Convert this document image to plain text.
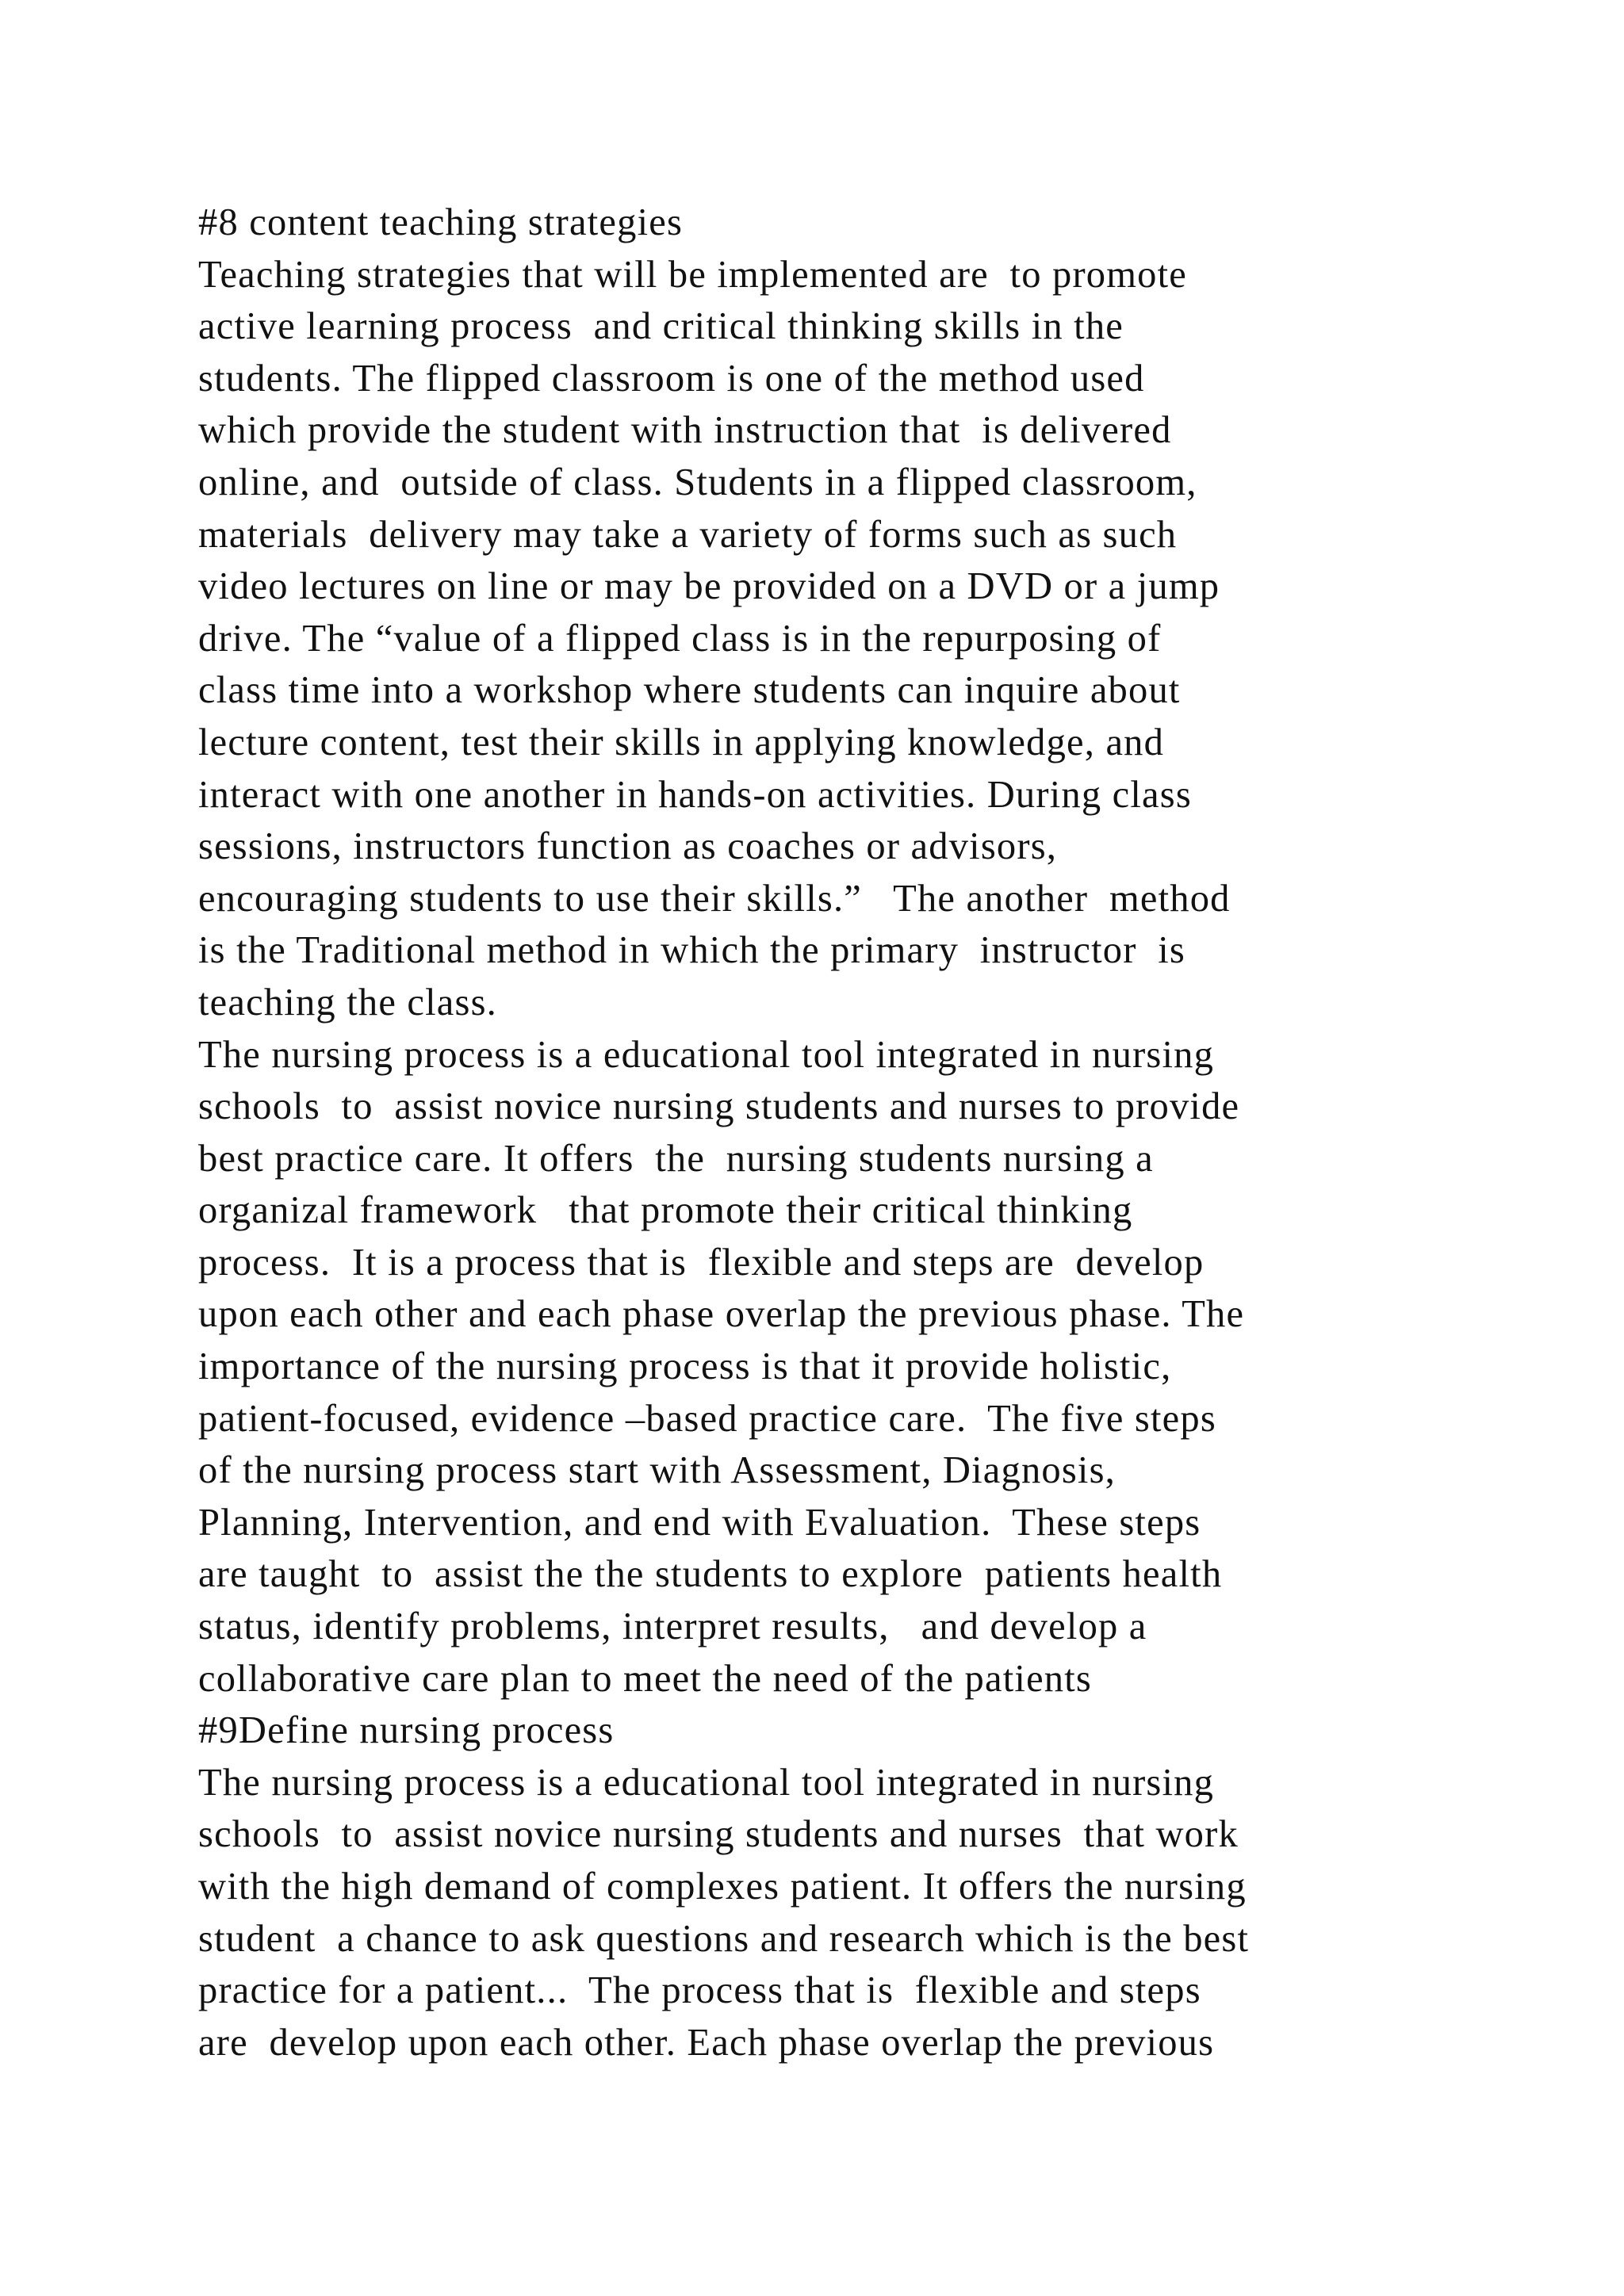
#8 content teaching strategies
Teaching strategies that will be implemented are  to promote
active learning process  and critical thinking skills in the
students. The flipped classroom is one of the method used
which provide the student with instruction that  is delivered
online, and  outside of class. Students in a flipped classroom,
materials  delivery may take a variety of forms such as such
video lectures on line or may be provided on a DVD or a jump
drive. The “value of a flipped class is in the repurposing of
class time into a workshop where students can inquire about
lecture content, test their skills in applying knowledge, and
interact with one another in hands-on activities. During class
sessions, instructors function as coaches or advisors,
encouraging students to use their skills.”   The another  method
is the Traditional method in which the primary  instructor  is
teaching the class.
The nursing process is a educational tool integrated in nursing
schools  to  assist novice nursing students and nurses to provide
best practice care. It offers  the  nursing students nursing a
organizal framework   that promote their critical thinking
process.  It is a process that is  flexible and steps are  develop
upon each other and each phase overlap the previous phase. The
importance of the nursing process is that it provide holistic,
patient-focused, evidence –based practice care.  The five steps
of the nursing process start with Assessment, Diagnosis,
Planning, Intervention, and end with Evaluation.  These steps
are taught  to  assist the the students to explore  patients health
status, identify problems, interpret results,   and develop a
collaborative care plan to meet the need of the patients
#9Define nursing process
The nursing process is a educational tool integrated in nursing
schools  to  assist novice nursing students and nurses  that work
with the high demand of complexes patient. It offers the nursing
student  a chance to ask questions and research which is the best
practice for a patient...  The process that is  flexible and steps
are  develop upon each other. Each phase overlap the previous
